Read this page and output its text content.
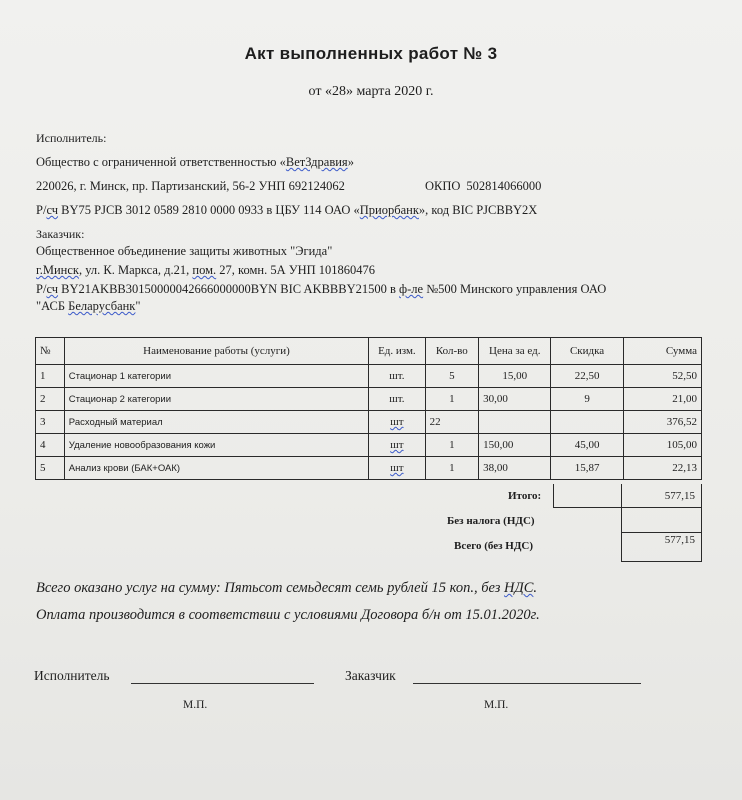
Акт выполненных работ № 3
от «28» марта 2020 г.
Исполнитель:
Общество с ограниченной ответственностью «ВетЗдравия»
220026, г. Минск, пр. Партизанский, 56-2 УНП 692124062	ОКПО 502814066000
Р/сч BY75 PJCB 3012 0589 2810 0000 0933 в ЦБУ 114 ОАО «Приорбанк», код BIC PJCBBY2X
Заказчик:
Общественное объединение защиты животных "Эгида"
г.Минск, ул. К. Маркса, д.21, пом. 27, комн. 5А УНП 101860476
Р/сч BY21AKBB30150000042666000000BYN BIC AKBBBY21500 в ф-ле №500 Минского управления ОАО
"АСБ Беларусбанк"
№	Наименование работы (услуги)	Ед. изм.	Кол-во	Цена за ед.	Скидка	Сумма
1	Стационар 1 категории	шт.	5	15,00	22,50	52,50
2	Стационар 2 категории	шт.	1	30,00	9	21,00
3	Расходный материал	шт	22			376,52
4	Удаление новообразования кожи	шт	1	150,00	45,00	105,00
5	Анализ крови (БАК+ОАК)	шт	1	38,00	15,87	22,13
Итого:	577,15
Без налога (НДС)
Всего (без НДС)	577,15
Всего оказано услуг на сумму: Пятьсот семьдесят семь рублей 15 коп., без НДС.
Оплата производится в соответствии с условиями Договора б/н от 15.01.2020г.
Исполнитель	Заказчик
М.П.	М.П.
